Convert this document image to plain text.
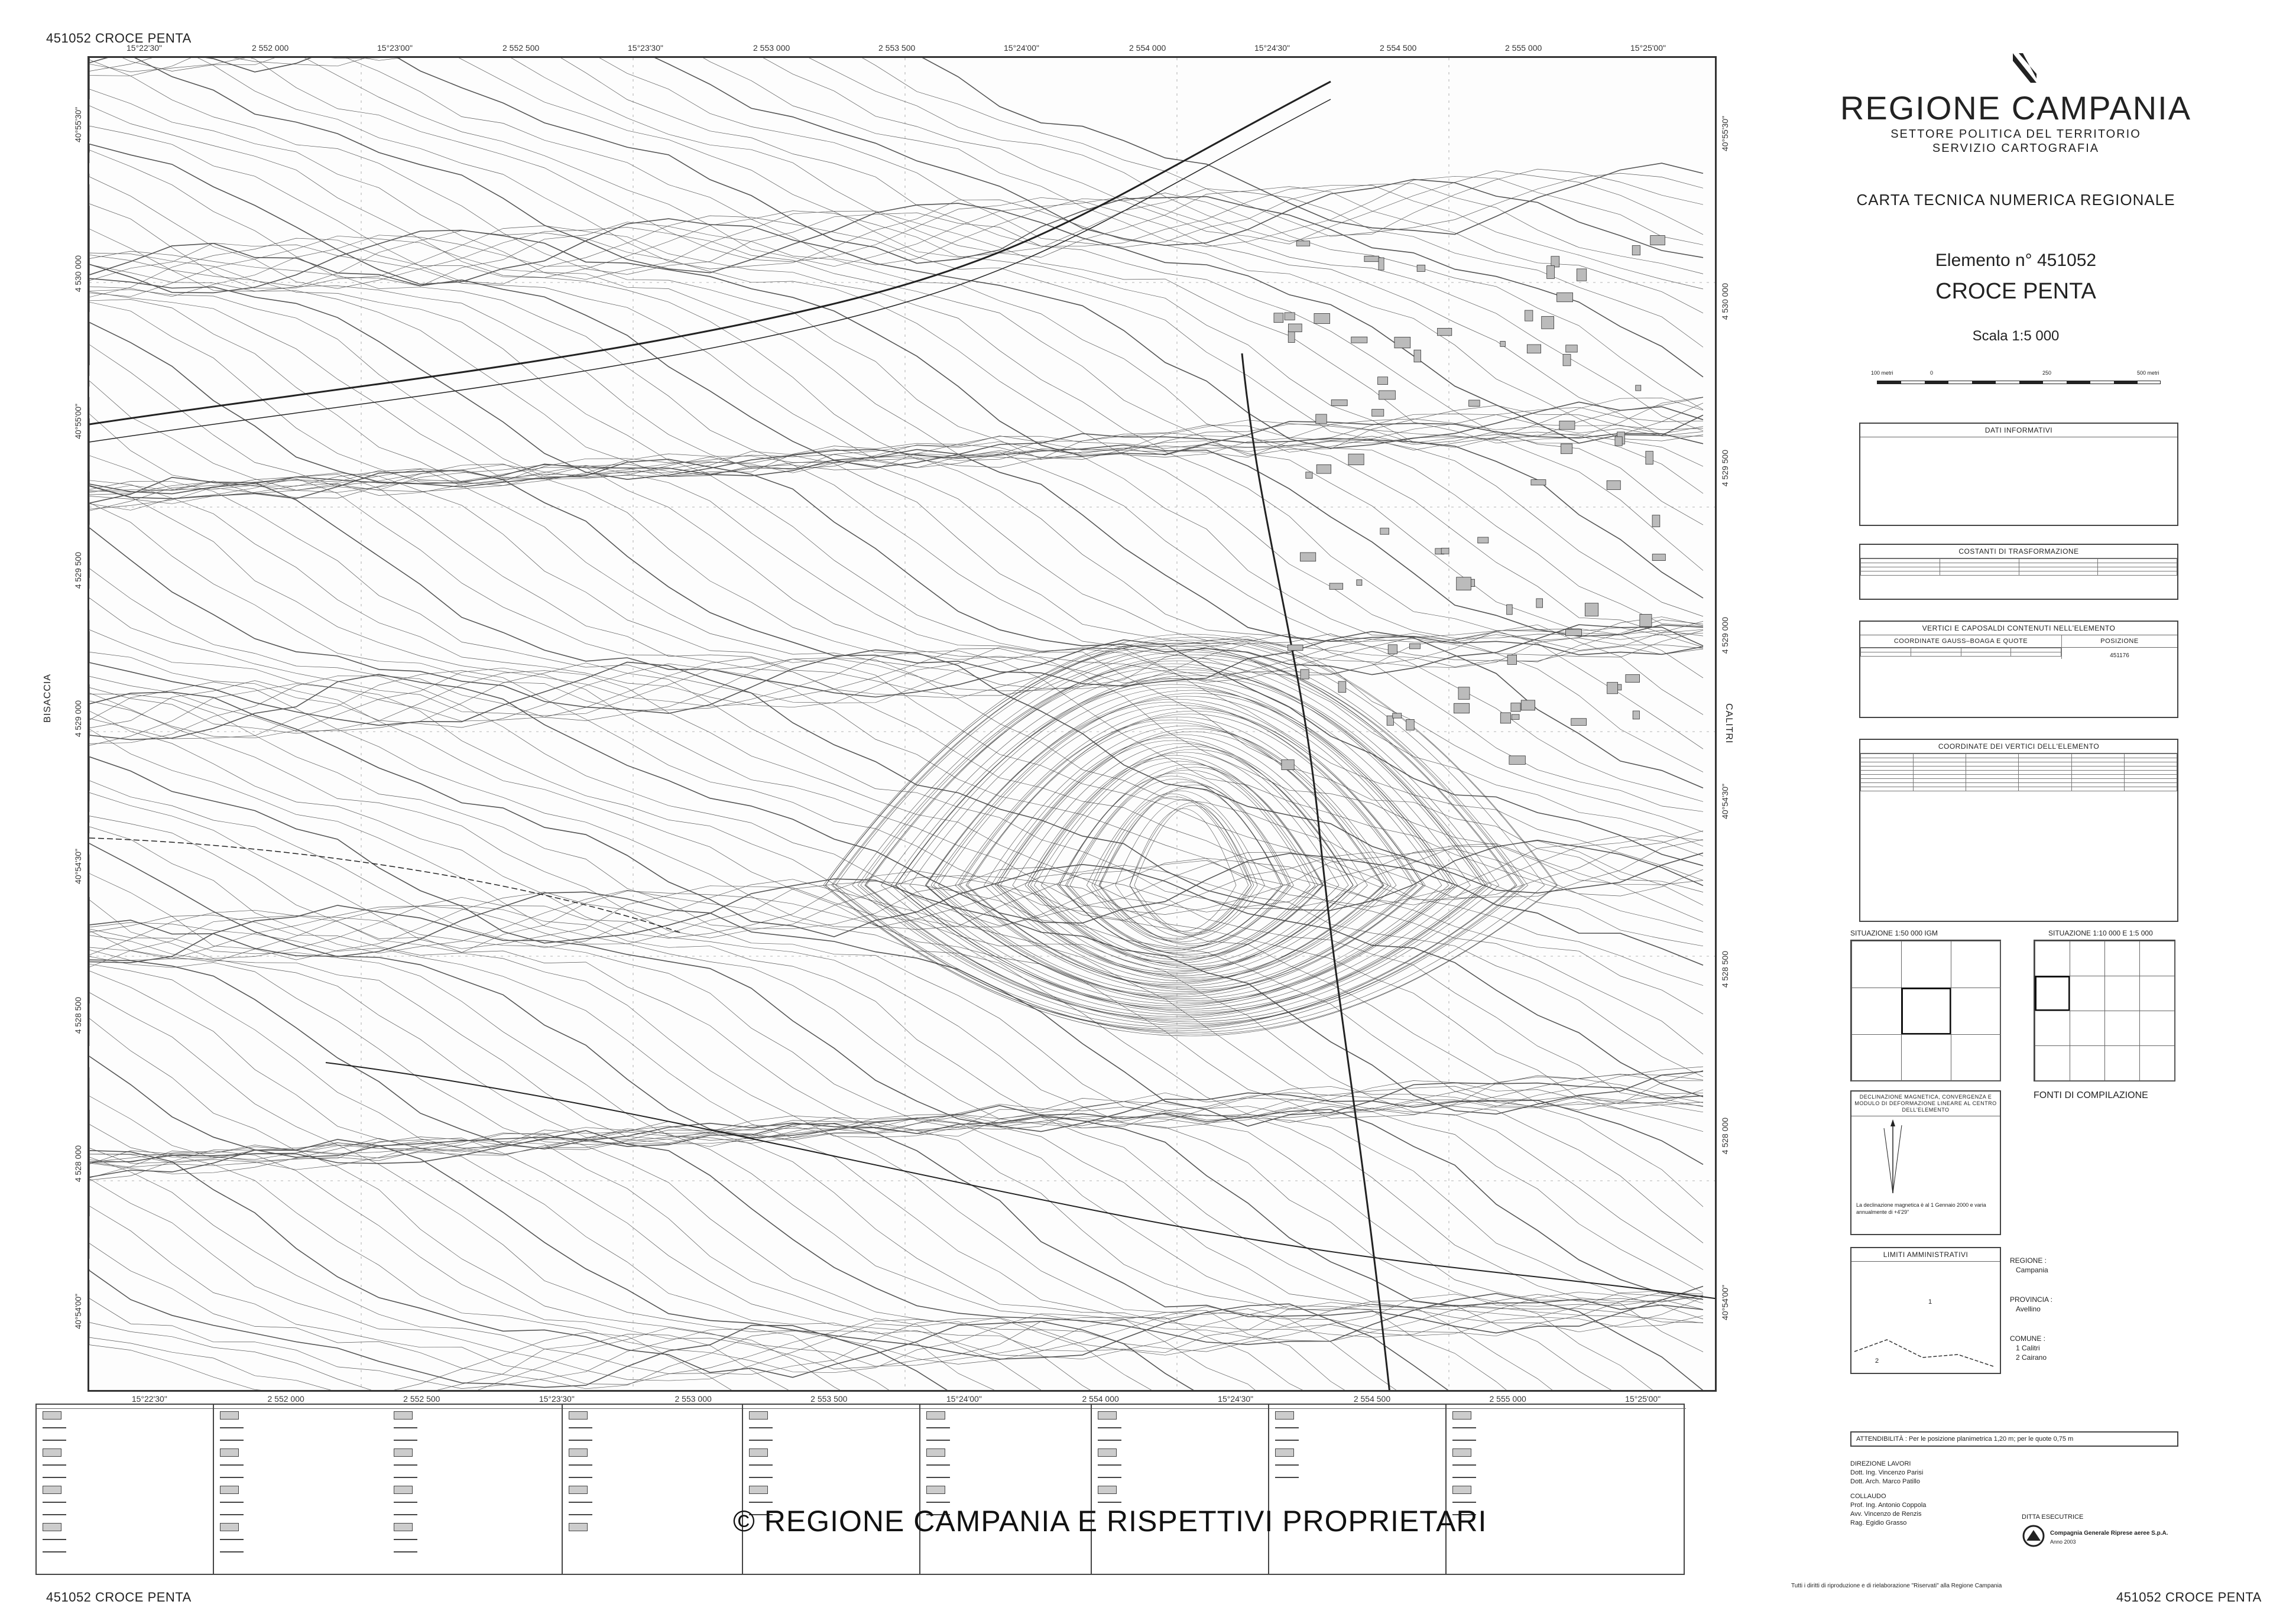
451052 CROCE PENTA
451052 CROCE PENTA	451052 CROCE PENTA
BISACCIA
CALITRI
15°22'30"	2 552 000	15°23'00"	2 552 500	15°23'30"	2 553 000	2 553 500	15°24'00"	2 554 000	15°24'30"	2 554 500	2 555 000	15°25'00"
15°22'30"	2 552 000	2 552 500	15°23'30"	2 553 000	2 553 500	15°24'00"	2 554 000	15°24'30"	2 554 500	2 555 000	15°25'00"
40°55'30"
4 530 000
40°55'00"
4 529 500
4 529 000
40°54'30"
4 528 500
4 528 000
40°54'00"
40°55'30"
4 530 000
4 529 500
4 529 000
40°54'30"
4 528 500
4 528 000
40°54'00"
REGIONE CAMPANIA
SETTORE POLITICA DEL TERRITORIO
SERVIZIO CARTOGRAFIA
CARTA TECNICA NUMERICA REGIONALE
Elemento n° 451052
CROCE PENTA
Scala 1:5 000
100 metri	0	250	500 metri
DATI INFORMATIVI
COSTANTI DI TRASFORMAZIONE

VERTICI E CAPOSALDI CONTENUTI NELL'ELEMENTO
COORDINATE GAUSS–BOAGA E QUOTE

				POSIZIONE
451176
COORDINATE DEI VERTICI DELL'ELEMENTO

SITUAZIONE 1:50 000 IGM	SITUAZIONE 1:10 000 E 1:5 000
DECLINAZIONE MAGNETICA, CONVERGENZA E MODULO DI DEFORMAZIONE LINEARE AL CENTRO DELL'ELEMENTO
La declinazione magnetica è al 1 Gennaio 2000 e varia annualmente di +4'29"
FONTI DI COMPILAZIONE
LIMITI AMMINISTRATIVI
1
2
REGIONE :
Campania
PROVINCIA :
Avellino
COMUNE :
1 Calitri
2 Cairano
ATTENDIBILITÀ : Per le posizione planimetrica 1,20 m; per le quote 0,75 m
DIREZIONE LAVORI
Dott. Ing. Vincenzo Parisi
Dott. Arch. Marco Patillo
COLLAUDO
Prof. Ing. Antonio Coppola
Avv. Vincenzo de Renzis
Rag. Egidio Grasso
DITTA ESECUTRICE
Compagnia Generale Riprese aeree S.p.A.
Anno 2003
Tutti i diritti di riproduzione e di rielaborazione "Riservati" alla Regione Campania
© REGIONE CAMPANIA E RISPETTIVI PROPRIETARI
